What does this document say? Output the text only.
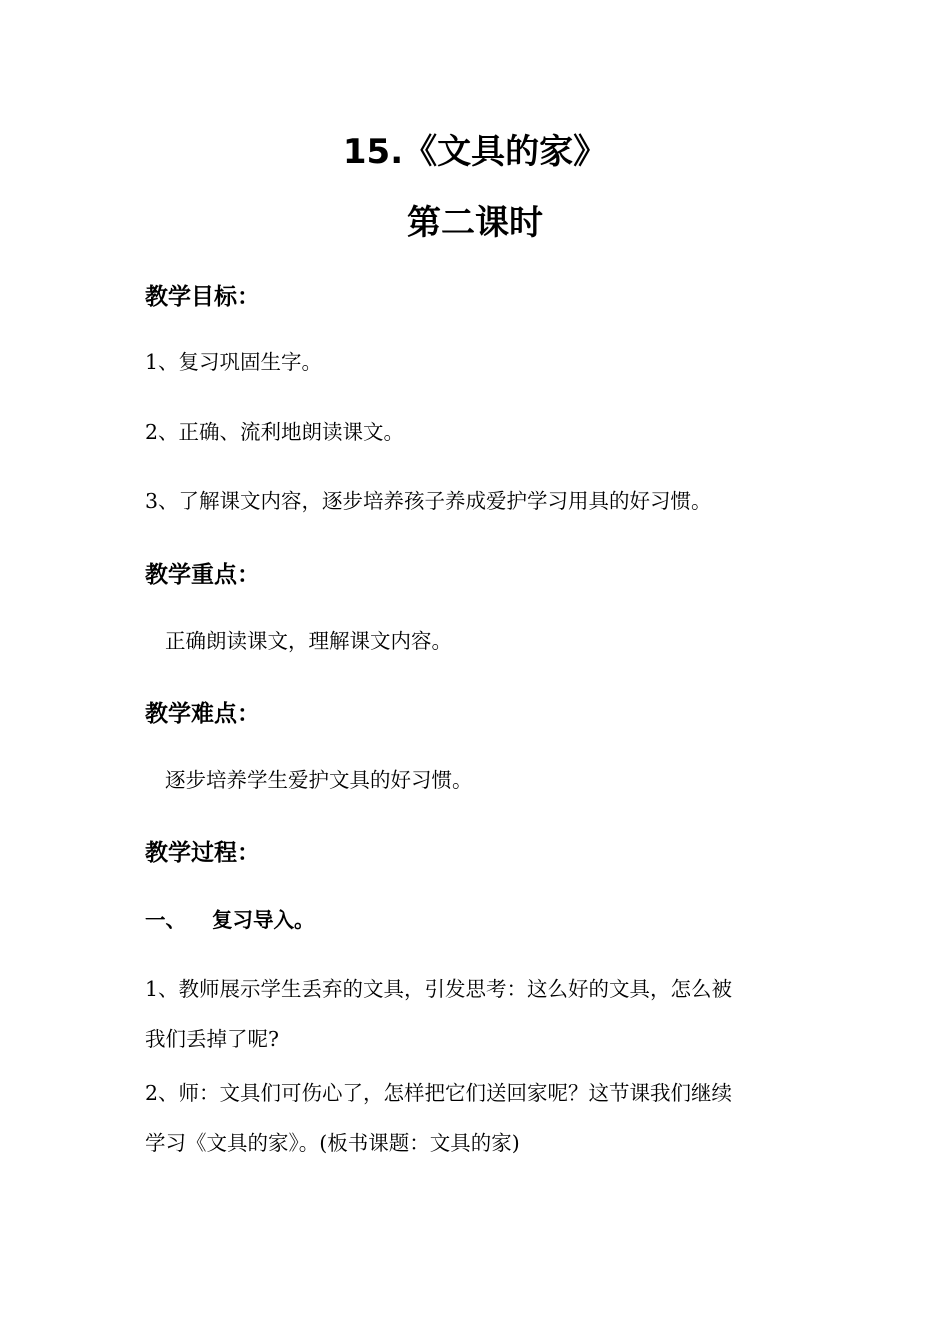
15.《文具的家》
第二课时
教学目标：
1、复习巩固生字。
2、正确、流利地朗读课文。
3、了解课文内容，逐步培养孩子养成爱护学习用具的好习惯。
教学重点：
正确朗读课文，理解课文内容。
教学难点：
逐步培养学生爱护文具的好习惯。
教学过程：
一、 复习导入。
1、教师展示学生丢弃的文具，引发思考：这么好的文具，怎么被
我们丢掉了呢?
2、师：文具们可伤心了，怎样把它们送回家呢？这节课我们继续
学习《文具的家》。(板书课题：文具的家)
